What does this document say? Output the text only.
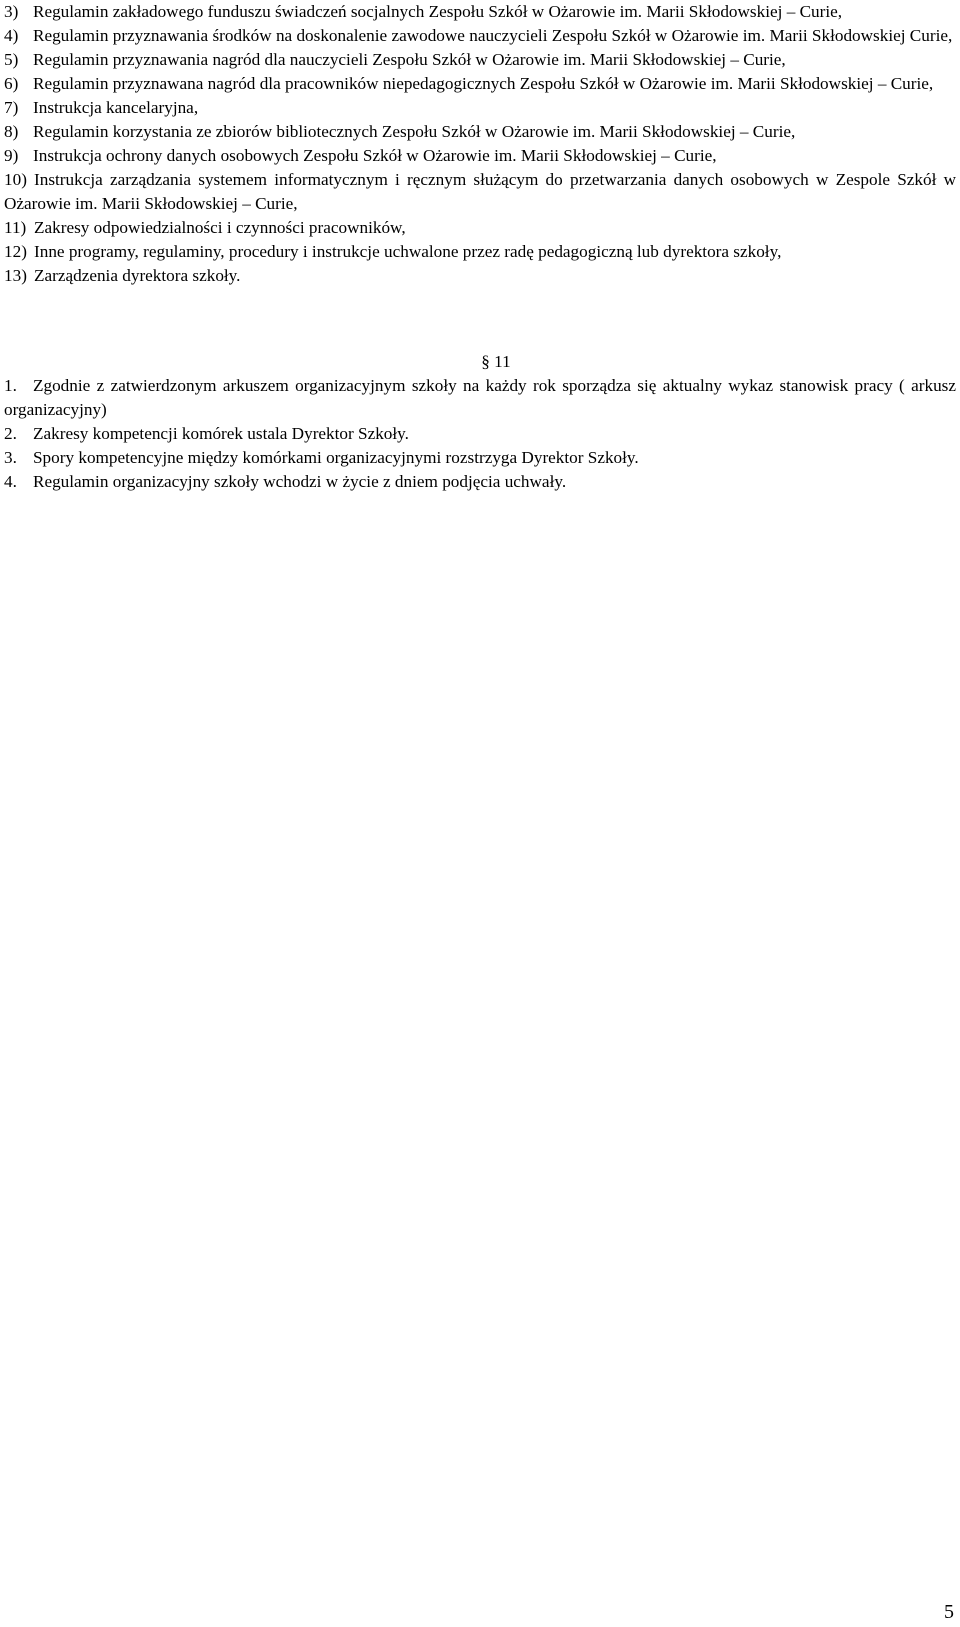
3) Regulamin zakładowego funduszu świadczeń socjalnych Zespołu Szkół w Ożarowie im. Marii Skłodowskiej – Curie,

4) Regulamin przyznawania środków na doskonalenie zawodowe nauczycieli Zespołu Szkół w Ożarowie im. Marii Skłodowskiej Curie,

5) Regulamin przyznawania nagród dla nauczycieli Zespołu Szkół w Ożarowie im. Marii Skłodowskiej – Curie,

6) Regulamin przyznawana nagród dla pracowników niepedagogicznych Zespołu Szkół w Ożarowie im. Marii Skłodowskiej – Curie,

7) Instrukcja kancelaryjna,

8) Regulamin korzystania ze zbiorów bibliotecznych Zespołu Szkół w Ożarowie im. Marii Skłodowskiej – Curie,

9) Instrukcja ochrony danych osobowych Zespołu Szkół w Ożarowie im. Marii Skłodowskiej – Curie,

10) Instrukcja zarządzania systemem informatycznym i ręcznym służącym do przetwarzania danych osobowych w Zespole Szkół w Ożarowie im. Marii Skłodowskiej – Curie,

11) Zakresy odpowiedzialności i czynności pracowników,

12) Inne programy, regulaminy, procedury i instrukcje uchwalone przez radę pedagogiczną lub dyrektora szkoły,

13) Zarządzenia dyrektora szkoły.

§ 11

1. Zgodnie z zatwierdzonym arkuszem organizacyjnym szkoły na każdy rok sporządza się aktualny wykaz stanowisk pracy ( arkusz organizacyjny)

2. Zakresy kompetencji komórek ustala Dyrektor Szkoły.

3. Spory kompetencyjne między komórkami organizacyjnymi rozstrzyga Dyrektor Szkoły.

4. Regulamin organizacyjny szkoły wchodzi w życie z dniem podjęcia uchwały.

5
